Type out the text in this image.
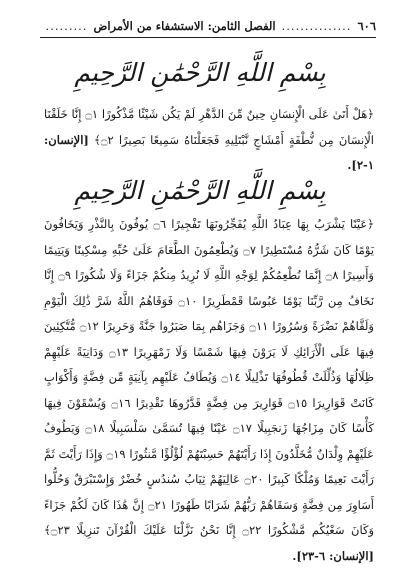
٦٠٦
...............
الفصل الثامن: الاستشفاء من الأمراض
.........
بِسْمِ اللَّهِ الرَّحْمَٰنِ الرَّحِيمِ
﴿هَلْ أَتَىٰ عَلَى الْإِنسَانِ حِينٌ مِّنَ الدَّهْرِ لَمْ يَكُن شَيْئًا مَّذْكُورًا ۝١ إِنَّا خَلَقْنَا الْإِنسَانَ مِن نُّطْفَةٍ أَمْشَاجٍ نَّبْتَلِيهِ فَجَعَلْنَاهُ سَمِيعًا بَصِيرًا ۝٢﴾ [الإنسان: ١-٢].
بِسْمِ اللَّهِ الرَّحْمَٰنِ الرَّحِيمِ
﴿عَيْنًا يَشْرَبُ بِهَا عِبَادُ اللَّهِ يُفَجِّرُونَهَا تَفْجِيرًا ۝٦ يُوفُونَ بِالنَّذْرِ وَيَخَافُونَ يَوْمًا كَانَ شَرُّهُ مُسْتَطِيرًا ۝٧ وَيُطْعِمُونَ الطَّعَامَ عَلَىٰ حُبِّهِ مِسْكِينًا وَيَتِيمًا وَأَسِيرًا ۝٨ إِنَّمَا نُطْعِمُكُمْ لِوَجْهِ اللَّهِ لَا نُرِيدُ مِنكُمْ جَزَاءً وَلَا شُكُورًا ۝٩ إِنَّا نَخَافُ مِن رَّبِّنَا يَوْمًا عَبُوسًا قَمْطَرِيرًا ۝١٠ فَوَقَاهُمُ اللَّهُ شَرَّ ذَٰلِكَ الْيَوْمِ وَلَقَّاهُمْ نَضْرَةً وَسُرُورًا ۝١١ وَجَزَاهُم بِمَا صَبَرُوا جَنَّةً وَحَرِيرًا ۝١٢ مُّتَّكِئِينَ فِيهَا عَلَى الْأَرَائِكِ لَا يَرَوْنَ فِيهَا شَمْسًا وَلَا زَمْهَرِيرًا ۝١٣ وَدَانِيَةً عَلَيْهِمْ ظِلَالُهَا وَذُلِّلَتْ قُطُوفُهَا تَذْلِيلًا ۝١٤ وَيُطَافُ عَلَيْهِم بِآنِيَةٍ مِّن فِضَّةٍ وَأَكْوَابٍ كَانَتْ قَوَارِيرَا ۝١٥ قَوَارِيرَ مِن فِضَّةٍ قَدَّرُوهَا تَقْدِيرًا ۝١٦ وَيُسْقَوْنَ فِيهَا كَأْسًا كَانَ مِزَاجُهَا زَنجَبِيلًا ۝١٧ عَيْنًا فِيهَا تُسَمَّىٰ سَلْسَبِيلًا ۝١٨ وَيَطُوفُ عَلَيْهِمْ وِلْدَانٌ مُّخَلَّدُونَ إِذَا رَأَيْتَهُمْ حَسِبْتَهُمْ لُؤْلُؤًا مَّنثُورًا ۝١٩ وَإِذَا رَأَيْتَ ثَمَّ رَأَيْتَ نَعِيمًا وَمُلْكًا كَبِيرًا ۝٢٠ عَالِيَهُمْ ثِيَابُ سُندُسٍ خُضْرٌ وَإِسْتَبْرَقٌ وَحُلُّوا أَسَاوِرَ مِن فِضَّةٍ وَسَقَاهُمْ رَبُّهُمْ شَرَابًا طَهُورًا ۝٢١ إِنَّ هَٰذَا كَانَ لَكُمْ جَزَاءً وَكَانَ سَعْيُكُم مَّشْكُورًا ۝٢٢ إِنَّا نَحْنُ نَزَّلْنَا عَلَيْكَ الْقُرْآنَ تَنزِيلًا ۝٢٣﴾ [الإنسان: ٦-٢٣].
